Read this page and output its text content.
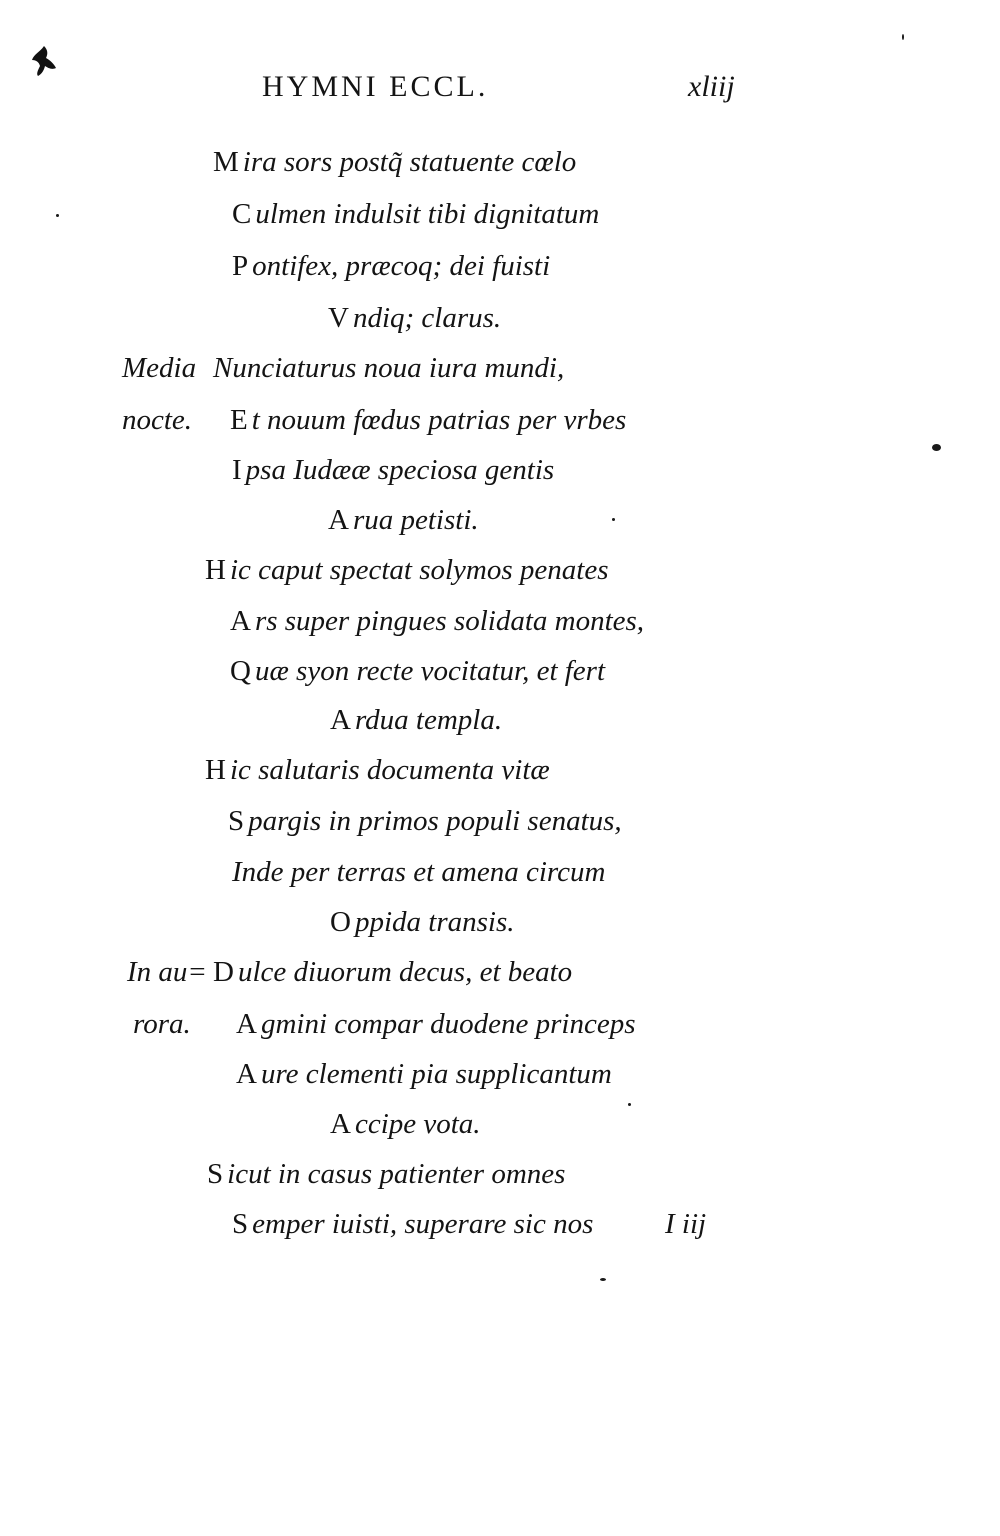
HYMNI ECCL.	xliij
M ira sors postq̃ statuente cœlo
C ulmen indulsit tibi dignitatum
P ontifex, præcoq; dei fuisti
V ndiq; clarus.
Media Nunciaturus noua iura mundi,
nocte. E t nouum fœdus patrias per vrbes
I psa Iudææ speciosa gentis
A rua petisti.
H ic caput spectat solymos penates
A rs super pingues solidata montes,
Q uæ syon recte vocitatur, et fert
A rdua templa.
H ic salutaris documenta vitæ
S pargis in primos populi senatus,
Inde per terras et amena circum
O ppida transis.
In au= D ulce diuorum decus, et beato
rora. A gmini compar duodene princeps
A ure clementi pia supplicantum
A ccipe vota.
S icut in casus patienter omnes
S emper iuisti, superare sic nos I iij
